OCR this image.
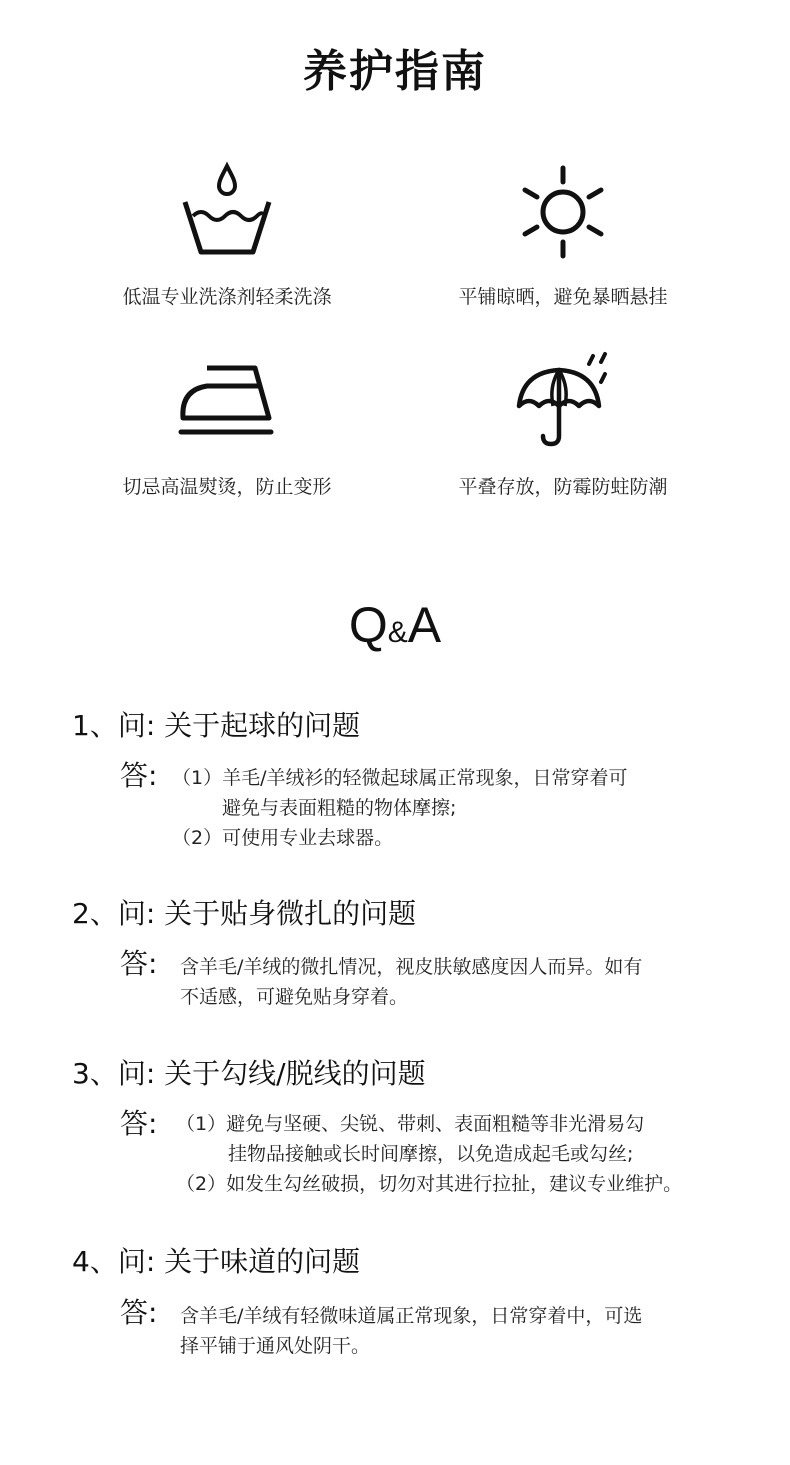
养护指南
低温专业洗涤剂轻柔洗涤	平铺晾晒，避免暴晒悬挂
切忌高温熨烫，防止变形	平叠存放，防霉防蛀防潮
Q&A
1、问: 关于起球的问题
答: （1）羊毛/羊绒衫的轻微起球属正常现象，日常穿着可
避免与表面粗糙的物体摩擦;
（2）可使用专业去球器。
2、问: 关于贴身微扎的问题
答: 含羊毛/羊绒的微扎情况，视皮肤敏感度因人而异。如有
不适感，可避免贴身穿着。
3、问: 关于勾线/脱线的问题
答: （1）避免与坚硬、尖锐、带刺、表面粗糙等非光滑易勾
挂物品接触或长时间摩擦，以免造成起毛或勾丝;
（2）如发生勾丝破损，切勿对其进行拉扯，建议专业维护。
4、问: 关于味道的问题
答: 含羊毛/羊绒有轻微味道属正常现象，日常穿着中，可选
择平铺于通风处阴干。
